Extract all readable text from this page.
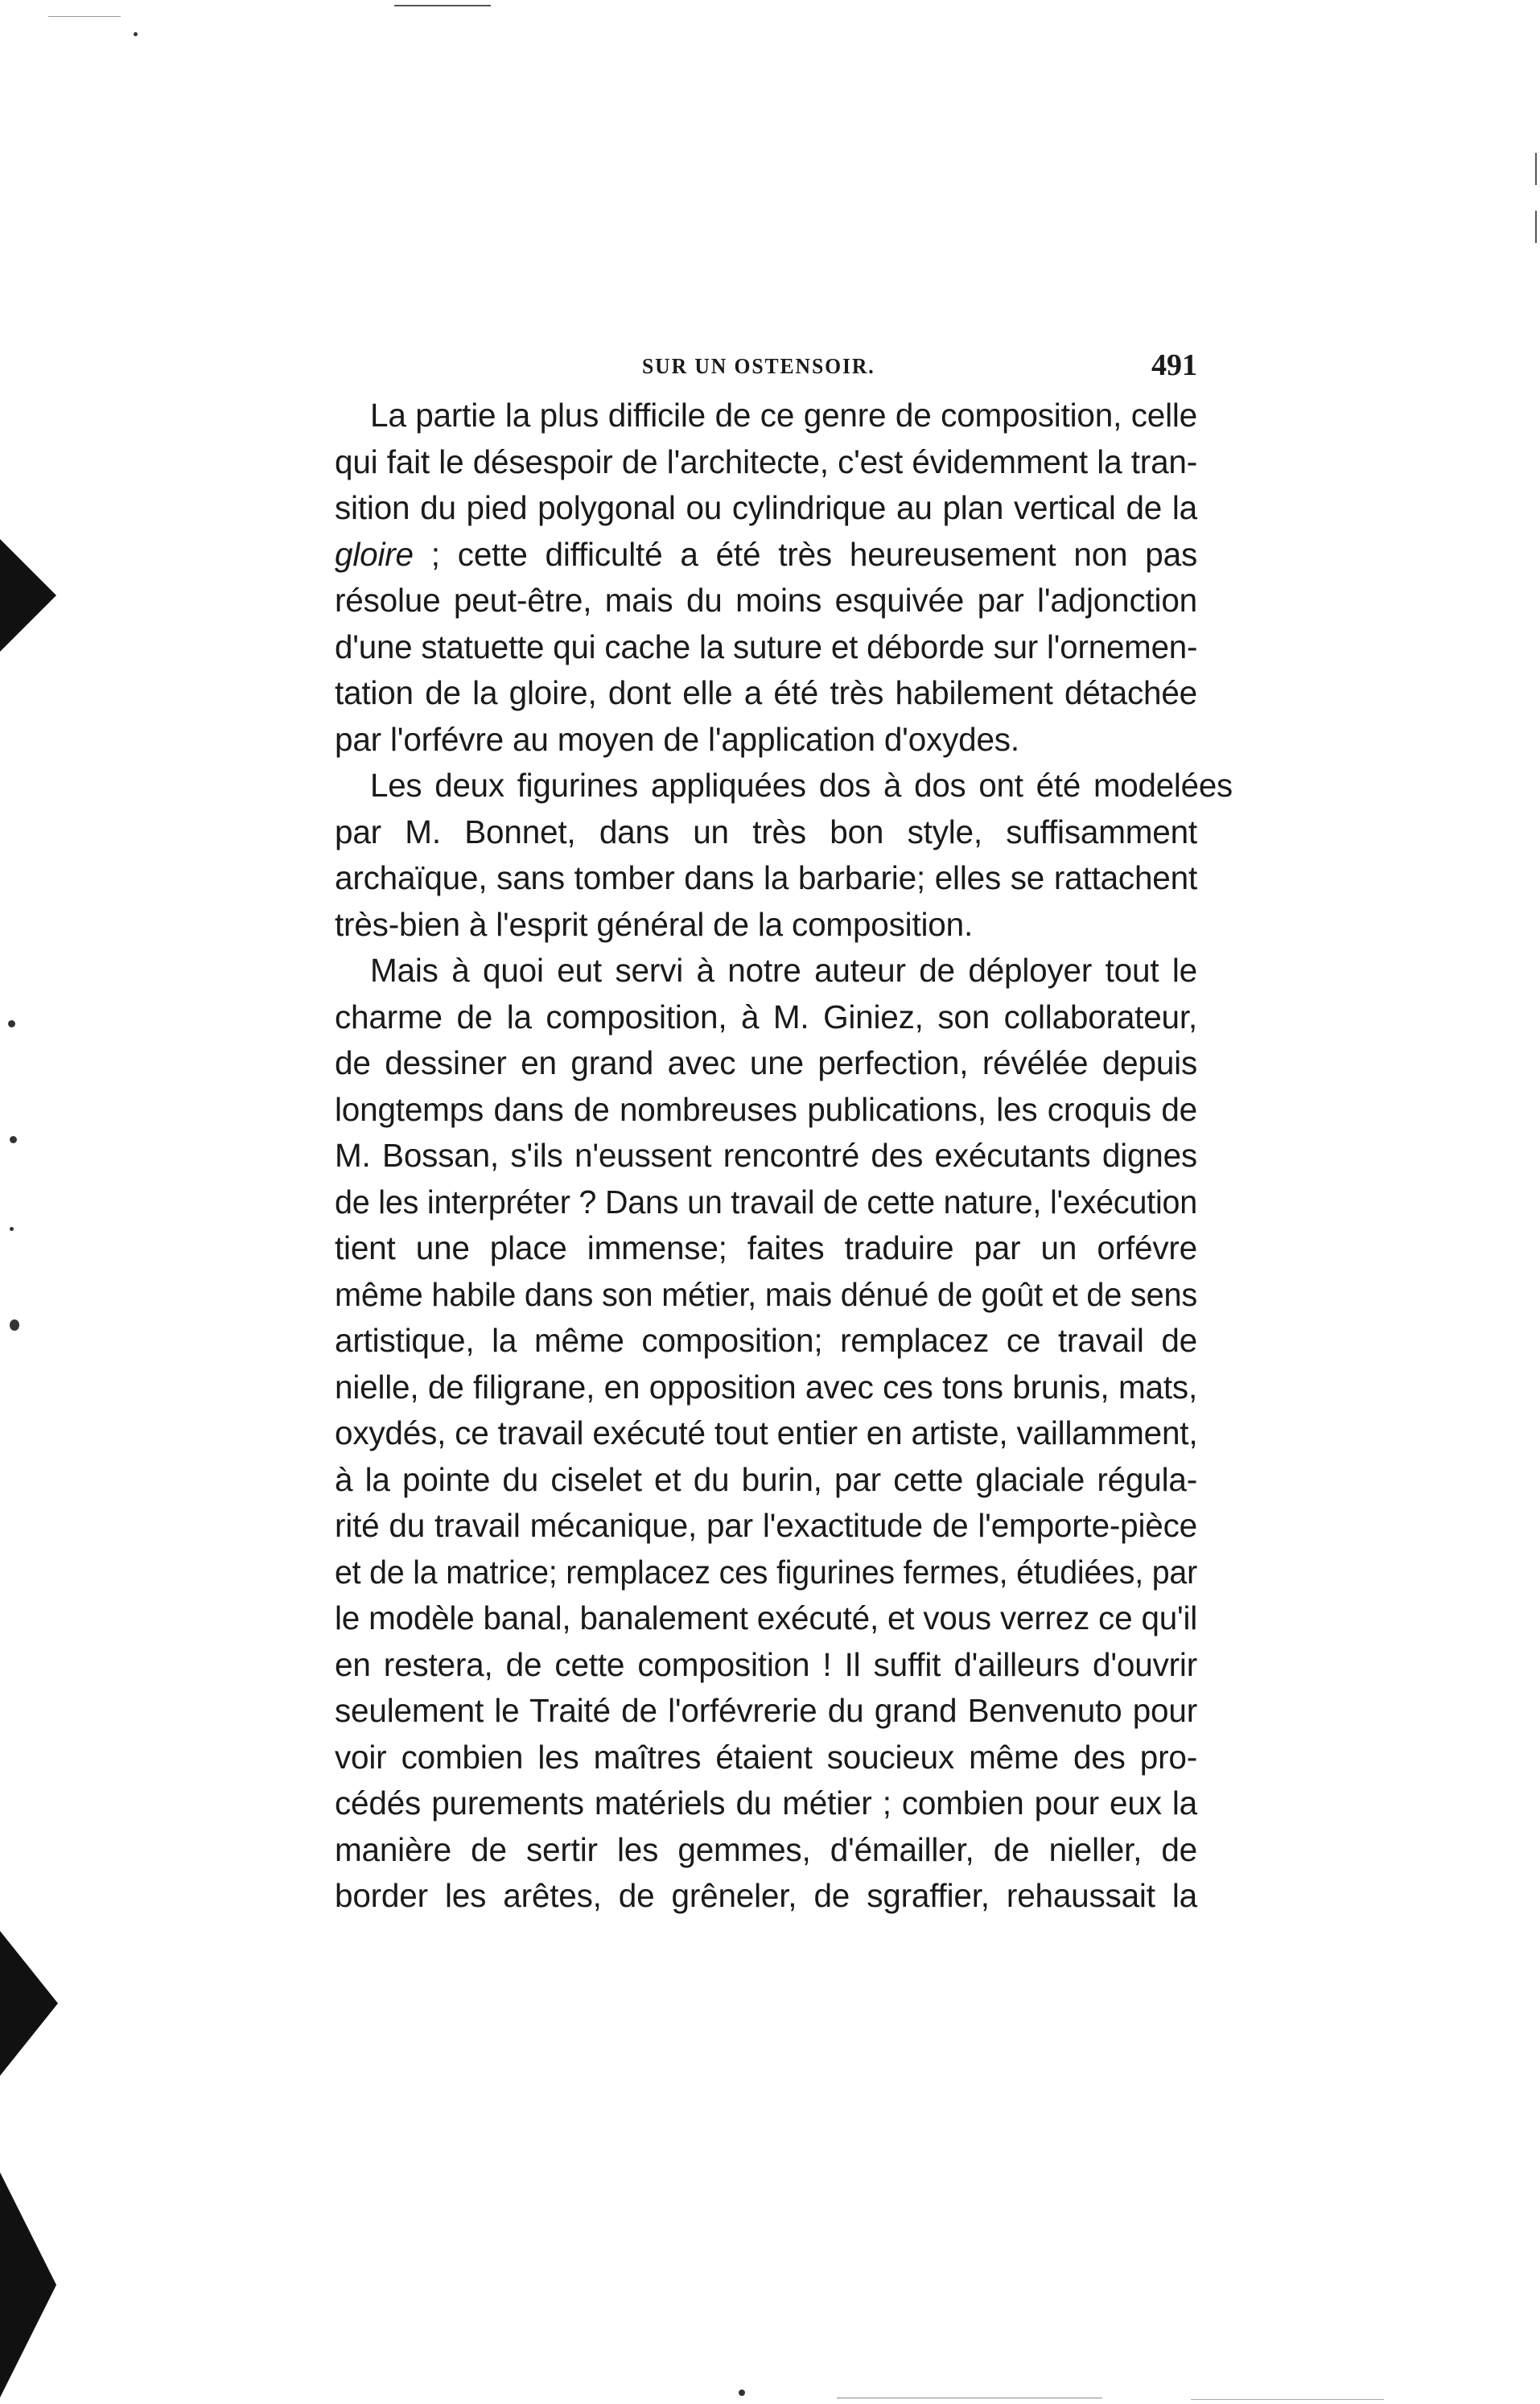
SUR UN OSTENSOIR.	491

La partie la plus difficile de ce genre de composition, celle
qui fait le désespoir de l'architecte, c'est évidemment la tran-
sition du pied polygonal ou cylindrique au plan vertical de la
gloire ; cette difficulté a été très heureusement non pas
résolue peut-être, mais du moins esquivée par l'adjonction
d'une statuette qui cache la suture et déborde sur l'ornemen-
tation de la gloire, dont elle a été très habilement détachée
par l'orfévre au moyen de l'application d'oxydes.

Les deux figurines appliquées dos à dos ont été modelées
par M. Bonnet, dans un très bon style, suffisamment
archaïque, sans tomber dans la barbarie; elles se rattachent
très-bien à l'esprit général de la composition.

Mais à quoi eut servi à notre auteur de déployer tout le
charme de la composition, à M. Giniez, son collaborateur,
de dessiner en grand avec une perfection, révélée depuis
longtemps dans de nombreuses publications, les croquis de
M. Bossan, s'ils n'eussent rencontré des exécutants dignes
de les interpréter ? Dans un travail de cette nature, l'exécution
tient une place immense; faites traduire par un orfévre
même habile dans son métier, mais dénué de goût et de sens
artistique, la même composition; remplacez ce travail de
nielle, de filigrane, en opposition avec ces tons brunis, mats,
oxydés, ce travail exécuté tout entier en artiste, vaillamment,
à la pointe du ciselet et du burin, par cette glaciale régula-
rité du travail mécanique, par l'exactitude de l'emporte-pièce
et de la matrice; remplacez ces figurines fermes, étudiées, par
le modèle banal, banalement exécuté, et vous verrez ce qu'il
en restera, de cette composition ! Il suffit d'ailleurs d'ouvrir
seulement le Traité de l'orfévrerie du grand Benvenuto pour
voir combien les maîtres étaient soucieux même des pro-
cédés purements matériels du métier ; combien pour eux la
manière de sertir les gemmes, d'émailler, de nieller, de
border les arêtes, de grêneler, de sgraffier, rehaussait la
